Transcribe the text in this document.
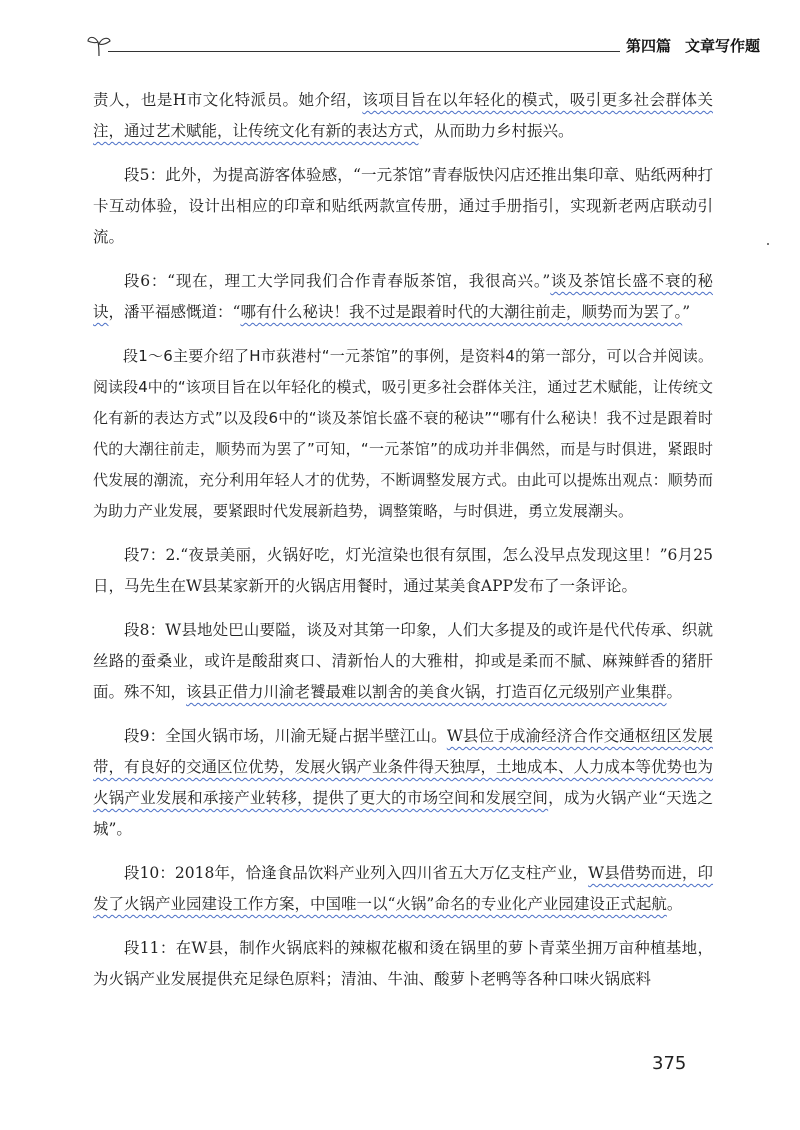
第四篇 文章写作题

责人，也是H市文化特派员。她介绍，该项目旨在以年轻化的模式，吸引更多社会群体关注，通过艺术赋能，让传统文化有新的表达方式，从而助力乡村振兴。

段5：此外，为提高游客体验感，“一元茶馆”青春版快闪店还推出集印章、贴纸两种打卡互动体验，设计出相应的印章和贴纸两款宣传册，通过手册指引，实现新老两店联动引流。

段6：“现在，理工大学同我们合作青春版茶馆，我很高兴。”谈及茶馆长盛不衰的秘诀，潘平福感慨道：“哪有什么秘诀！我不过是跟着时代的大潮往前走，顺势而为罢了。”

段1～6主要介绍了H市荻港村“一元茶馆”的事例，是资料4的第一部分，可以合并阅读。阅读段4中的“该项目旨在以年轻化的模式，吸引更多社会群体关注，通过艺术赋能，让传统文化有新的表达方式”以及段6中的“谈及茶馆长盛不衰的秘诀”“哪有什么秘诀！我不过是跟着时代的大潮往前走，顺势而为罢了”可知，“一元茶馆”的成功并非偶然，而是与时俱进，紧跟时代发展的潮流，充分利用年轻人才的优势，不断调整发展方式。由此可以提炼出观点：顺势而为助力产业发展，要紧跟时代发展新趋势，调整策略，与时俱进，勇立发展潮头。

段7：2.“夜景美丽，火锅好吃，灯光渲染也很有氛围，怎么没早点发现这里！”6月25日，马先生在W县某家新开的火锅店用餐时，通过某美食APP发布了一条评论。

段8：W县地处巴山要隘，谈及对其第一印象，人们大多提及的或许是代代传承、织就丝路的蚕桑业，或许是酸甜爽口、清新怡人的大雅柑，抑或是柔而不腻、麻辣鲜香的猪肝面。殊不知，该县正借力川渝老饕最难以割舍的美食火锅，打造百亿元级别产业集群。

段9：全国火锅市场，川渝无疑占据半壁江山。W县位于成渝经济合作交通枢纽区发展带，有良好的交通区位优势，发展火锅产业条件得天独厚，土地成本、人力成本等优势也为火锅产业发展和承接产业转移，提供了更大的市场空间和发展空间，成为火锅产业“天选之城”。

段10：2018年，恰逢食品饮料产业列入四川省五大万亿支柱产业，W县借势而进，印发了火锅产业园建设工作方案，中国唯一以“火锅”命名的专业化产业园建设正式起航。

段11：在W县，制作火锅底料的辣椒花椒和烫在锅里的萝卜青菜坐拥万亩种植基地，为火锅产业发展提供充足绿色原料；清油、牛油、酸萝卜老鸭等各种口味火锅底料

375
